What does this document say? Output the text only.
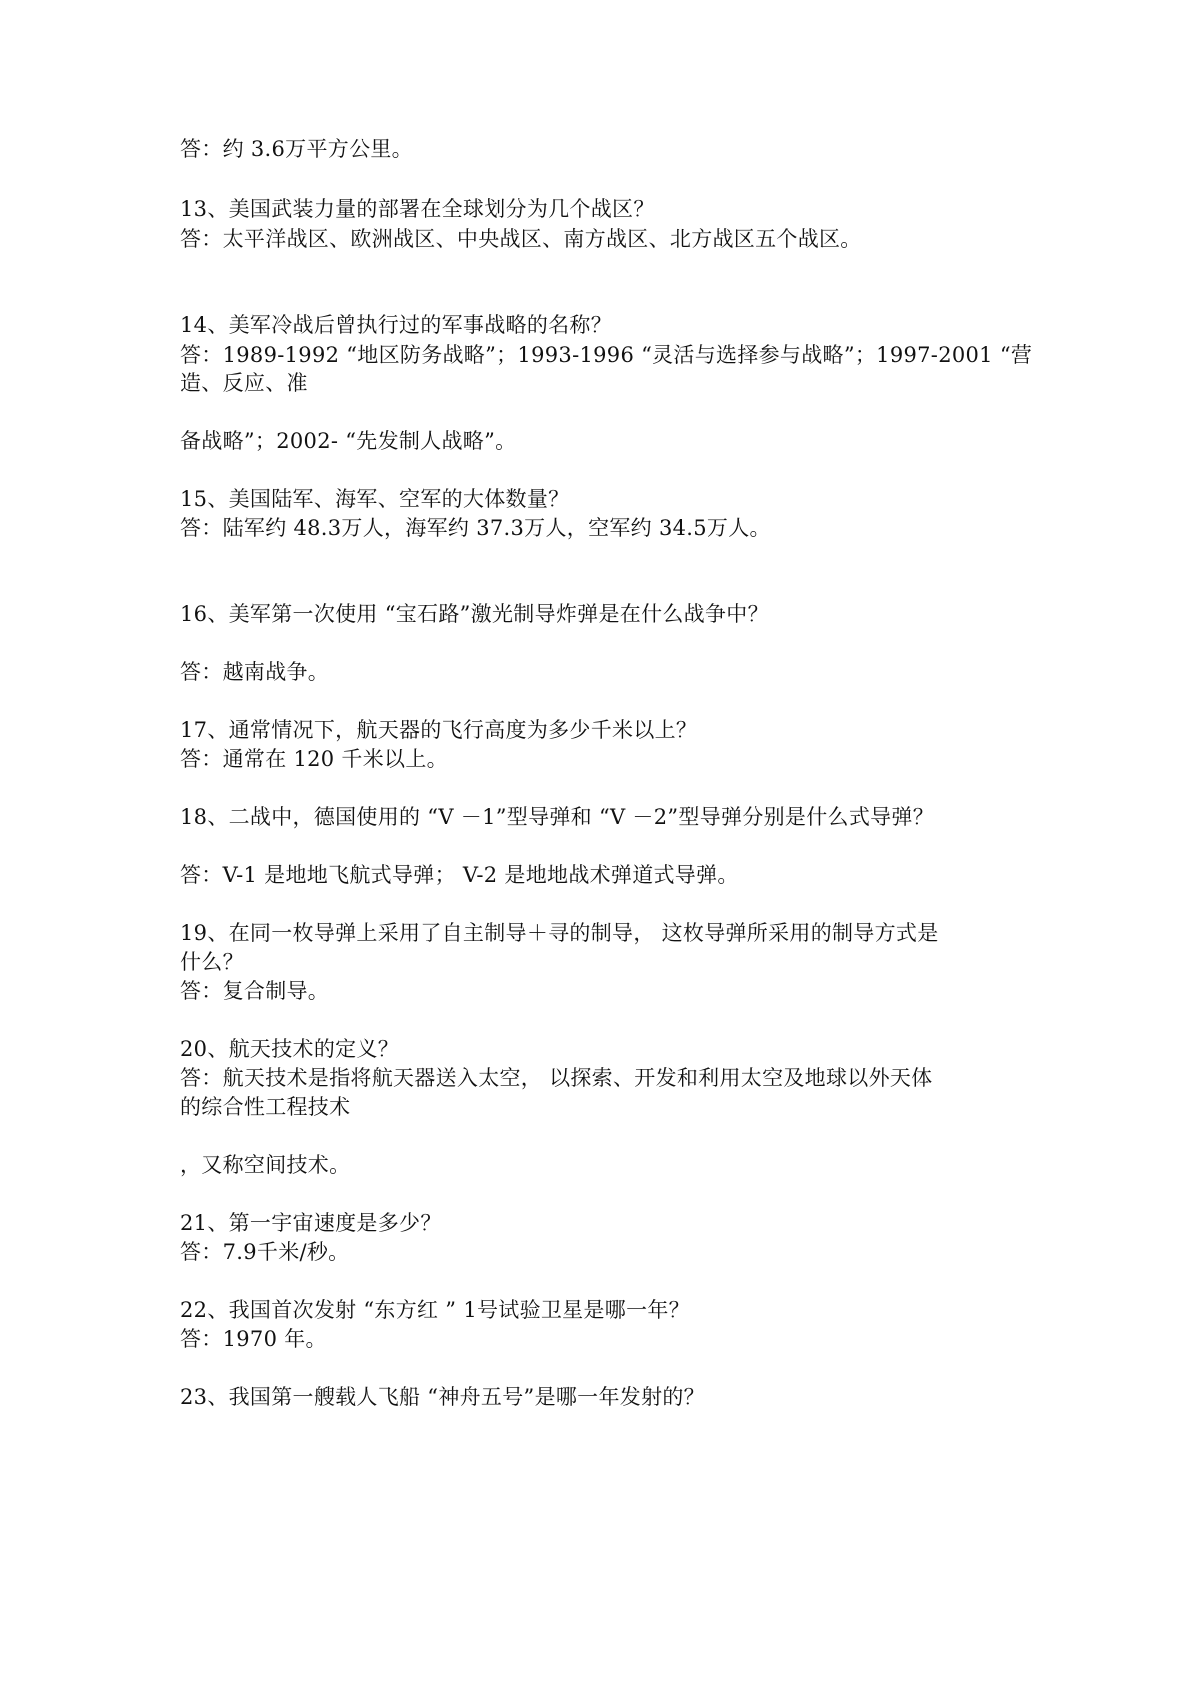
答：约 3.6万平方公里。
13、美国武装力量的部署在全球划分为几个战区？
答：太平洋战区、欧洲战区、中央战区、南方战区、北方战区五个战区。
14、美军冷战后曾执行过的军事战略的名称？
答：1989-1992 “地区防务战略”；1993-1996 “灵活与选择参与战略”；1997-2001 “营
造、反应、准
备战略”；2002- “先发制人战略”。
15、美国陆军、海军、空军的大体数量？
答：陆军约 48.3万人，海军约 37.3万人，空军约 34.5万人。
16、美军第一次使用 “宝石路”激光制导炸弹是在什么战争中？
答：越南战争。
17、通常情况下，航天器的飞行高度为多少千米以上？
答：通常在 120 千米以上。
18、二战中，德国使用的 “V －1”型导弹和 “V －2”型导弹分别是什么式导弹？
答：V-1 是地地飞航式导弹； V-2 是地地战术弹道式导弹。
19、在同一枚导弹上采用了自主制导＋寻的制导， 这枚导弹所采用的制导方式是
什么？
答：复合制导。
20、航天技术的定义？
答：航天技术是指将航天器送入太空， 以探索、开发和利用太空及地球以外天体
的综合性工程技术
，又称空间技术。
21、第一宇宙速度是多少？
答：7.9千米/秒。
22、我国首次发射 “东方红 ” 1号试验卫星是哪一年？
答：1970 年。
23、我国第一艘载人飞船 “神舟五号”是哪一年发射的？
